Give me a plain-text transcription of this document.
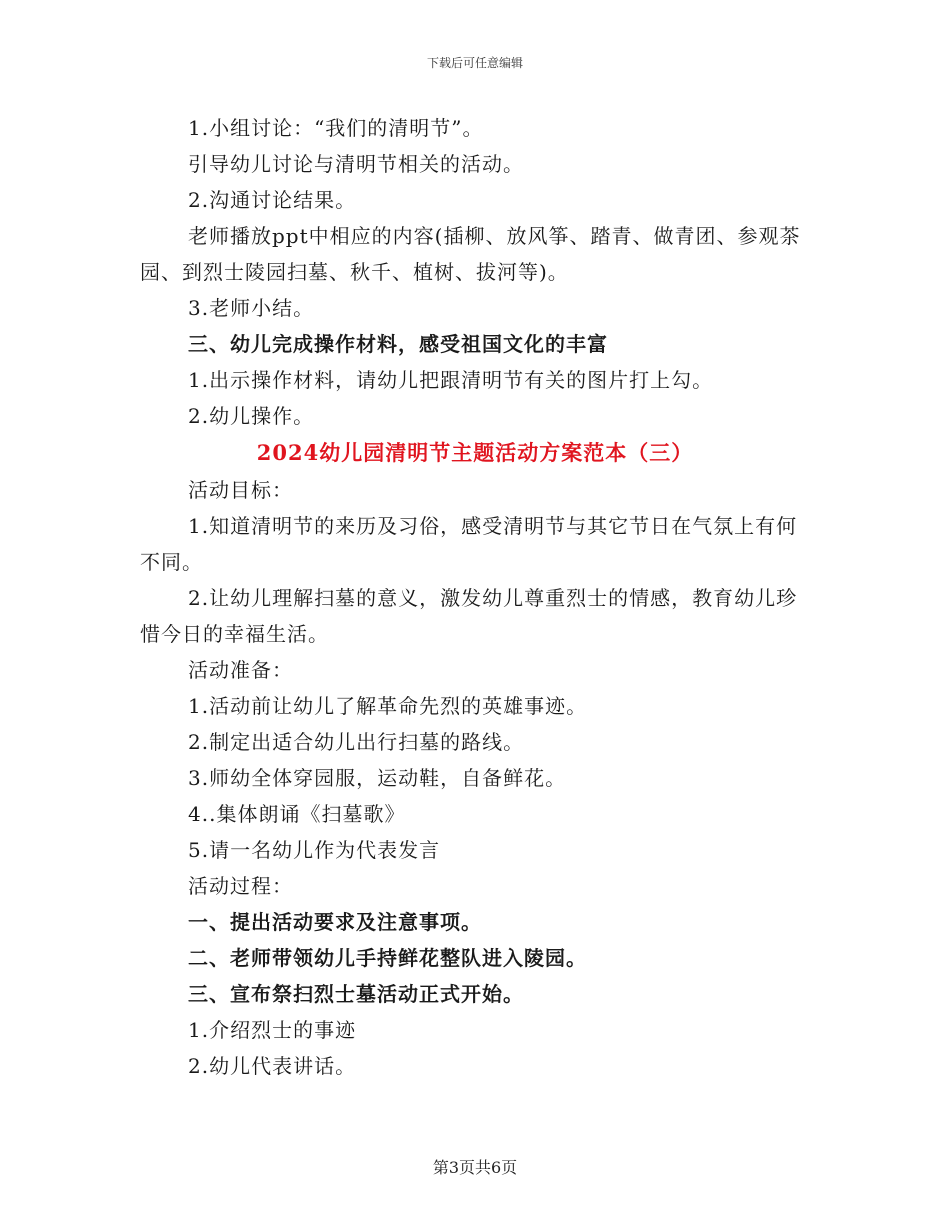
下载后可任意编辑

1.小组讨论：“我们的清明节”。

引导幼儿讨论与清明节相关的活动。

2.沟通讨论结果。

老师播放ppt中相应的内容(插柳、放风筝、踏青、做青团、参观茶园、到烈士陵园扫墓、秋千、植树、拔河等)。

3.老师小结。

三、幼儿完成操作材料，感受祖国文化的丰富

1.出示操作材料，请幼儿把跟清明节有关的图片打上勾。

2.幼儿操作。

2024幼儿园清明节主题活动方案范本（三）

活动目标：

1.知道清明节的来历及习俗，感受清明节与其它节日在气氛上有何不同。

2.让幼儿理解扫墓的意义，激发幼儿尊重烈士的情感，教育幼儿珍惜今日的幸福生活。

活动准备：

1.活动前让幼儿了解革命先烈的英雄事迹。

2.制定出适合幼儿出行扫墓的路线。

3.师幼全体穿园服，运动鞋，自备鲜花。

4..集体朗诵《扫墓歌》

5.请一名幼儿作为代表发言

活动过程：

一、提出活动要求及注意事项。

二、老师带领幼儿手持鲜花整队进入陵园。

三、宣布祭扫烈士墓活动正式开始。

1.介绍烈士的事迹

2.幼儿代表讲话。

第3页共6页
